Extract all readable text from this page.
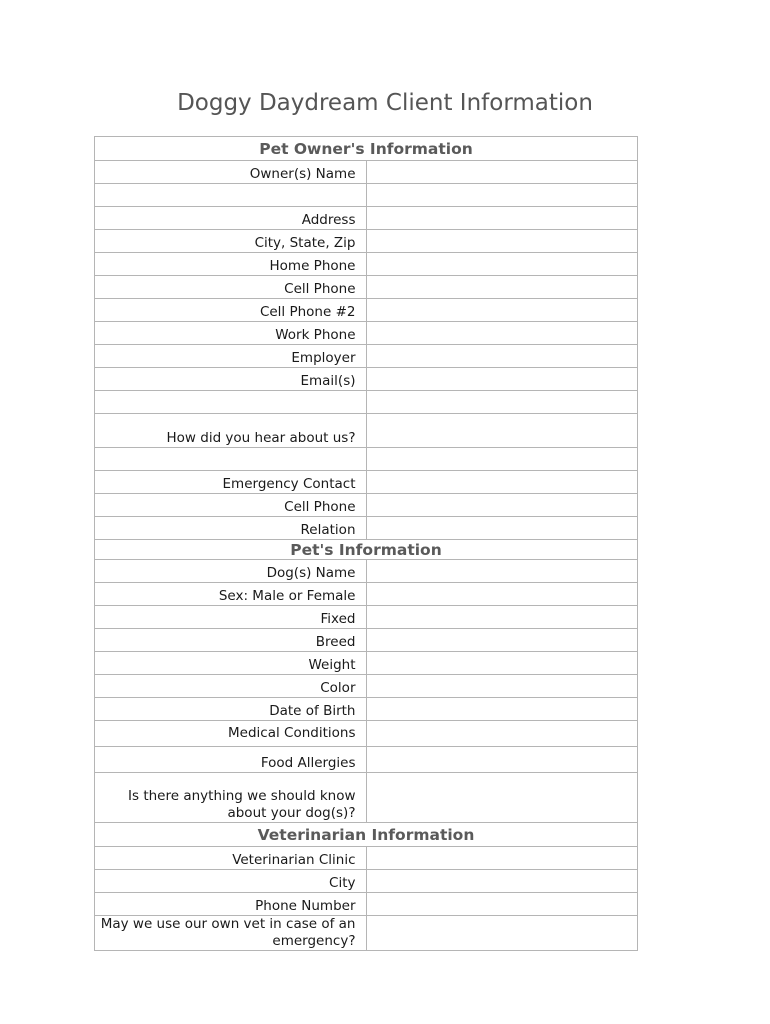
Doggy Daydream Client Information
Pet Owner's Information	
Owner(s) Name	

Address	
City, State, Zip	
Home Phone	
Cell Phone	
Cell Phone #2	
Work Phone	
Employer	
Email(s)	

How did you hear about us?	

Emergency Contact	
Cell Phone	
Relation	
Pet's Information	
Dog(s) Name	
Sex: Male or Female	
Fixed	
Breed	
Weight	
Color	
Date of Birth	
Medical Conditions	
Food Allergies	
Is there anything we should know about your dog(s)?	
Veterinarian Information	
Veterinarian Clinic	
City	
Phone Number	
May we use our own vet in case of an emergency?	
